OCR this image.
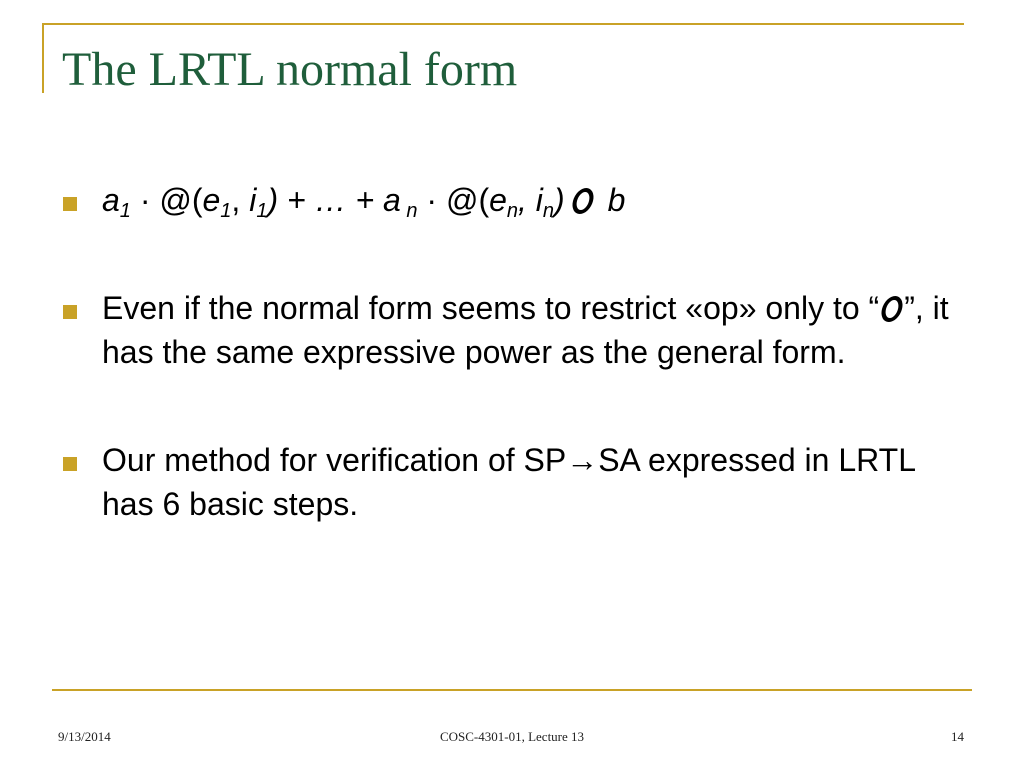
The LRTL normal form
$a_1$ · $@(e_1$, $i_1$) + … + a $_n \cdot @(e_n$, $i_n$) b
Even if the normal form seems to restrict «op» only to “ ”, it has the same expressive power as the general form.
Our method for verification of SP→SA expressed in LRTL has 6 basic steps.
9/13/2014	COSC-4301-01, Lecture 13	14
